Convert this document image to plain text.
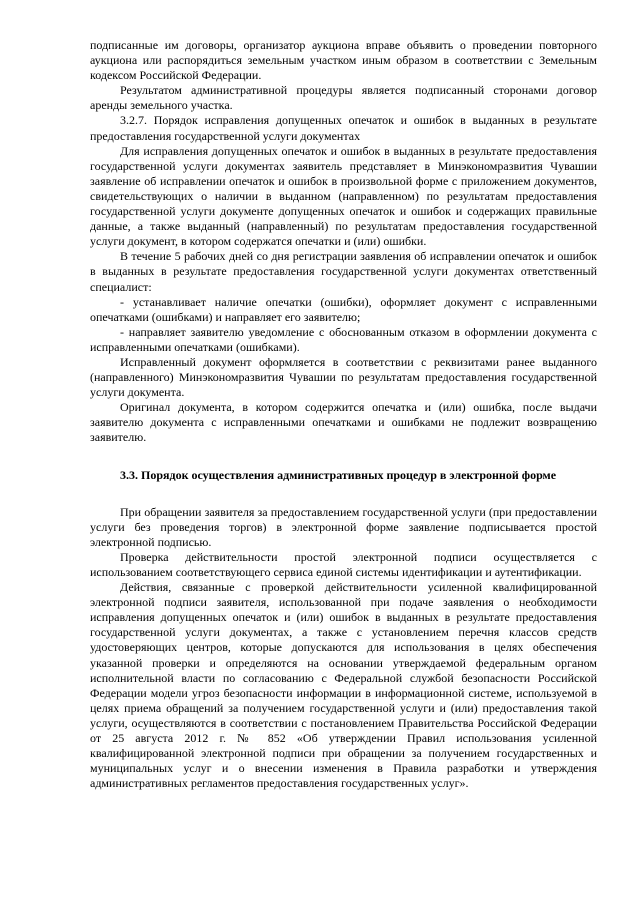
подписанные им договоры, организатор аукциона вправе объявить о проведении повторного аукциона или распорядиться земельным участком иным образом в соответствии с Земельным кодексом Российской Федерации.

Результатом административной процедуры является подписанный сторонами договор аренды земельного участка.

3.2.7. Порядок исправления допущенных опечаток и ошибок в выданных в результате предоставления государственной услуги документах

Для исправления допущенных опечаток и ошибок в выданных в результате предоставления государственной услуги документах заявитель представляет в Минэкономразвития Чувашии заявление об исправлении опечаток и ошибок в произвольной форме с приложением документов, свидетельствующих о наличии в выданном (направленном) по результатам предоставления государственной услуги документе допущенных опечаток и ошибок и содержащих правильные данные, а также выданный (направленный) по результатам предоставления государственной услуги документ, в котором содержатся опечатки и (или) ошибки.

В течение 5 рабочих дней со дня регистрации заявления об исправлении опечаток и ошибок в выданных в результате предоставления государственной услуги документах ответственный специалист:

- устанавливает наличие опечатки (ошибки), оформляет документ с исправленными опечатками (ошибками) и направляет его заявителю;

- направляет заявителю уведомление с обоснованным отказом в оформлении документа с исправленными опечатками (ошибками).

Исправленный документ оформляется в соответствии с реквизитами ранее выданного (направленного) Минэкономразвития Чувашии по результатам предоставления государственной услуги документа.

Оригинал документа, в котором содержится опечатка и (или) ошибка, после выдачи заявителю документа с исправленными опечатками и ошибками не подлежит возвращению заявителю.

3.3. Порядок осуществления административных процедур в электронной форме

При обращении заявителя за предоставлением государственной услуги (при предоставлении услуги без проведения торгов) в электронной форме заявление подписывается простой электронной подписью.

Проверка действительности простой электронной подписи осуществляется с использованием соответствующего сервиса единой системы идентификации и аутентификации.

Действия, связанные с проверкой действительности усиленной квалифицированной электронной подписи заявителя, использованной при подаче заявления о необходимости исправления допущенных опечаток и (или) ошибок в выданных в результате предоставления государственной услуги документах, а также с установлением перечня классов средств удостоверяющих центров, которые допускаются для использования в целях обеспечения указанной проверки и определяются на основании утверждаемой федеральным органом исполнительной власти по согласованию с Федеральной службой безопасности Российской Федерации модели угроз безопасности информации в информационной системе, используемой в целях приема обращений за получением государственной услуги и (или) предоставления такой услуги, осуществляются в соответствии с постановлением Правительства Российской Федерации от 25 августа 2012 г. № 852 «Об утверждении Правил использования усиленной квалифицированной электронной подписи при обращении за получением государственных и муниципальных услуг и о внесении изменения в Правила разработки и утверждения административных регламентов предоставления государственных услуг».
